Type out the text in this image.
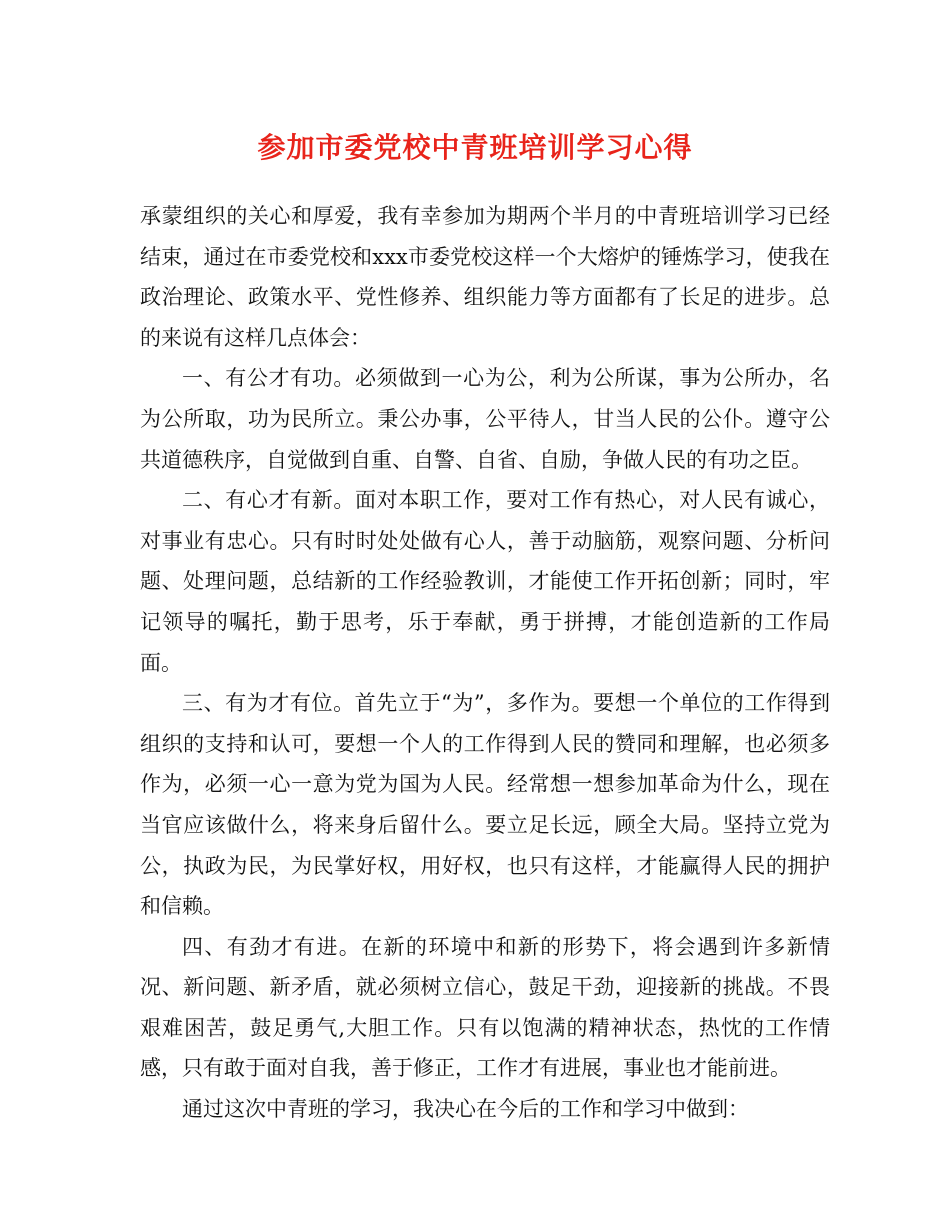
参加市委党校中青班培训学习心得

承蒙组织的关心和厚爱，我有幸参加为期两个半月的中青班培训学习已经结束，通过在市委党校和xxx市委党校这样一个大熔炉的锤炼学习，使我在政治理论、政策水平、党性修养、组织能力等方面都有了长足的进步。总的来说有这样几点体会：

一、有公才有功。必须做到一心为公，利为公所谋，事为公所办，名为公所取，功为民所立。秉公办事，公平待人，甘当人民的公仆。遵守公共道德秩序，自觉做到自重、自警、自省、自励，争做人民的有功之臣。

二、有心才有新。面对本职工作，要对工作有热心，对人民有诚心，对事业有忠心。只有时时处处做有心人，善于动脑筋，观察问题、分析问题、处理问题，总结新的工作经验教训，才能使工作开拓创新；同时，牢记领导的嘱托，勤于思考，乐于奉献，勇于拼搏，才能创造新的工作局面。

三、有为才有位。首先立于“为”，多作为。要想一个单位的工作得到组织的支持和认可，要想一个人的工作得到人民的赞同和理解，也必须多作为，必须一心一意为党为国为人民。经常想一想参加革命为什么，现在当官应该做什么，将来身后留什么。要立足长远，顾全大局。坚持立党为公，执政为民，为民掌好权，用好权，也只有这样，才能赢得人民的拥护和信赖。

四、有劲才有进。在新的环境中和新的形势下，将会遇到许多新情况、新问题、新矛盾，就必须树立信心，鼓足干劲，迎接新的挑战。不畏艰难困苦，鼓足勇气,大胆工作。只有以饱满的精神状态，热忱的工作情感，只有敢于面对自我，善于修正，工作才有进展，事业也才能前进。

通过这次中青班的学习，我决心在今后的工作和学习中做到：
